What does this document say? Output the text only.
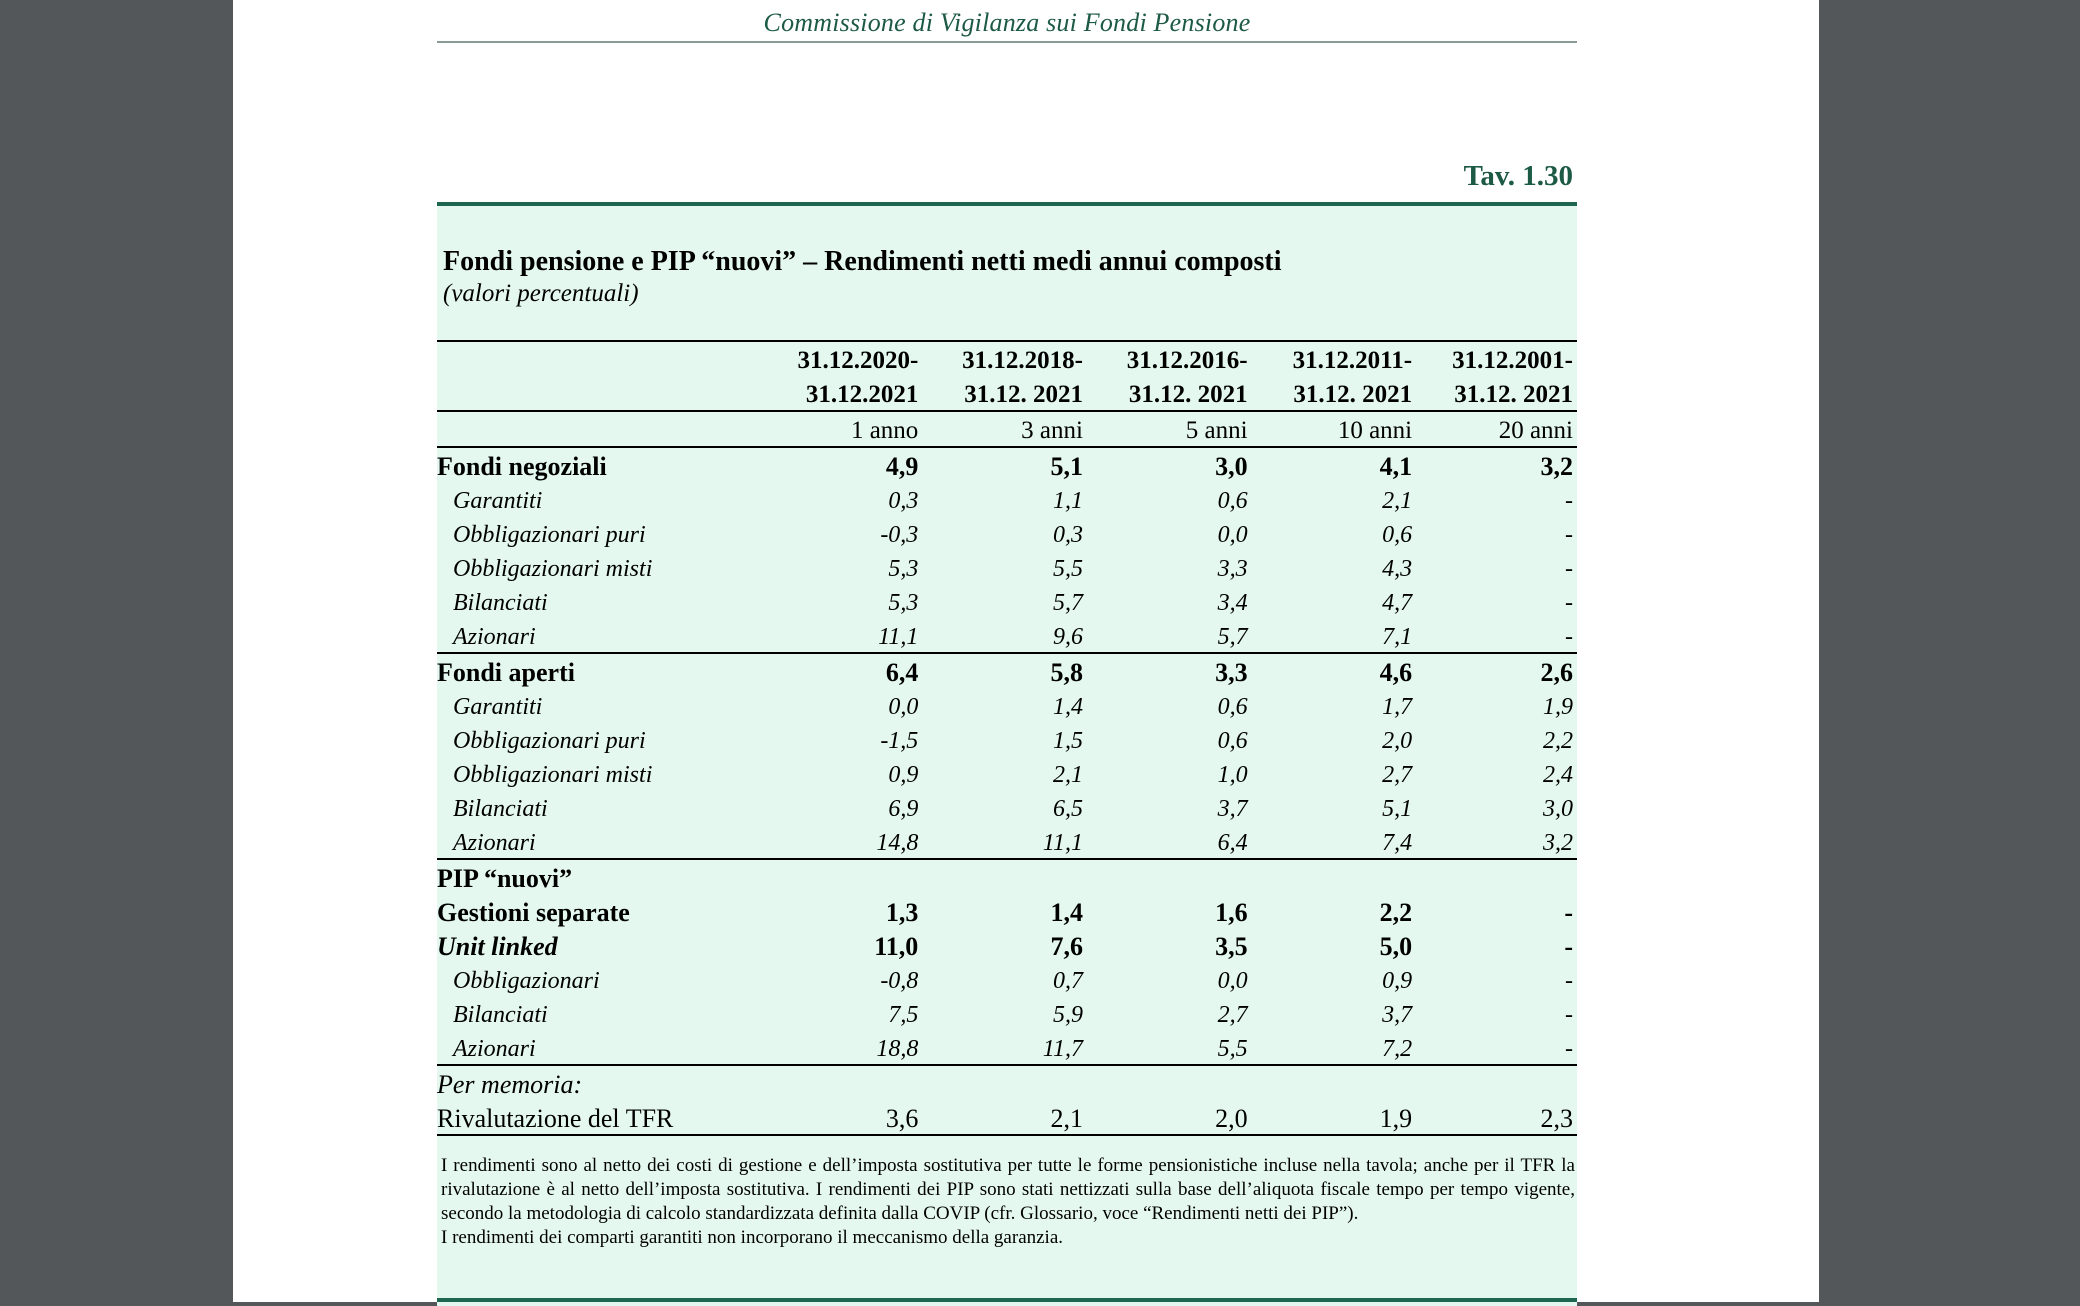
Commissione di Vigilanza sui Fondi Pensione
Tav. 1.30
Fondi pensione e PIP “nuovi” – Rendimenti netti medi annui composti
(valori percentuali)
	31.12.2020-	31.12.2018-	31.12.2016-	31.12.2011-	31.12.2001-
	31.12.2021	31.12. 2021	31.12. 2021	31.12. 2021	31.12. 2021
	1 anno	3 anni	5 anni	10 anni	20 anni
Fondi negoziali	4,9	5,1	3,0	4,1	3,2
Garantiti	0,3	1,1	0,6	2,1	-
Obbligazionari puri	-0,3	0,3	0,0	0,6	-
Obbligazionari misti	5,3	5,5	3,3	4,3	-
Bilanciati	5,3	5,7	3,4	4,7	-
Azionari	11,1	9,6	5,7	7,1	-
Fondi aperti	6,4	5,8	3,3	4,6	2,6
Garantiti	0,0	1,4	0,6	1,7	1,9
Obbligazionari puri	-1,5	1,5	0,6	2,0	2,2
Obbligazionari misti	0,9	2,1	1,0	2,7	2,4
Bilanciati	6,9	6,5	3,7	5,1	3,0
Azionari	14,8	11,1	6,4	7,4	3,2
PIP “nuovi”					
Gestioni separate	1,3	1,4	1,6	2,2	-
Unit linked	11,0	7,6	3,5	5,0	-
Obbligazionari	-0,8	0,7	0,0	0,9	-
Bilanciati	7,5	5,9	2,7	3,7	-
Azionari	18,8	11,7	5,5	7,2	-
Per memoria:					
Rivalutazione del TFR	3,6	2,1	2,0	1,9	2,3

I rendimenti sono al netto dei costi di gestione e dell’imposta sostitutiva per tutte le forme pensionistiche incluse nella tavola; anche per il TFR la rivalutazione è al netto dell’imposta sostitutiva. I rendimenti dei PIP sono stati nettizzati sulla base dell’aliquota fiscale tempo per tempo vigente, secondo la metodologia di calcolo standardizzata definita dalla COVIP (cfr. Glossario, voce “Rendimenti netti dei PIP”).

I rendimenti dei comparti garantiti non incorporano il meccanismo della garanzia.
